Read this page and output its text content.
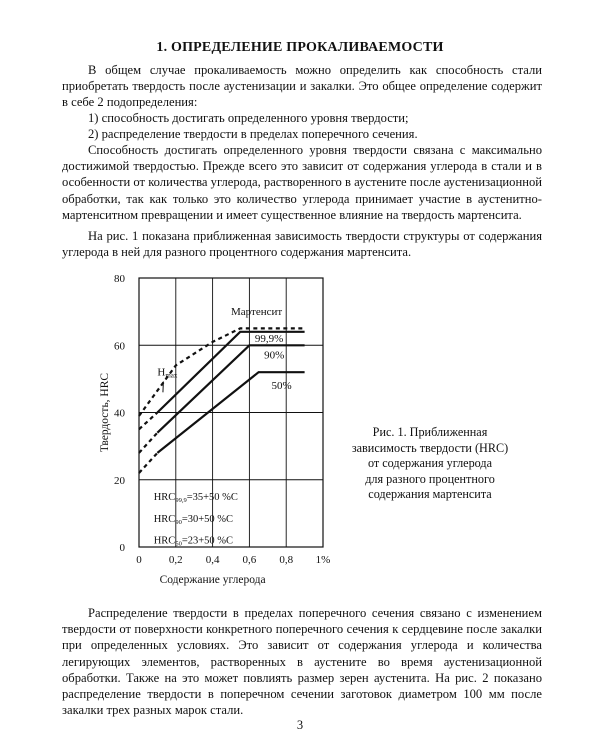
1. ОПРЕДЕЛЕНИЕ ПРОКАЛИВАЕМОСТИ

В общем случае прокаливаемость можно определить как способность стали приобретать твердость после аустенизации и закалки. Это общее определение содержит в себе 2 подопределения:

1) способность достигать определенного уровня твердости;
2) распределение твердости в пределах поперечного сечения.

Способность достигать определенного уровня твердости связана с максимально достижимой твердостью. Прежде всего это зависит от содержания углерода в стали и в особенности от количества углерода, растворенного в аустените после аустенизационной обработки, так как только это количество углерода принимает участие в аустенитно-мартенситном превращении и имеет существенное влияние на твердость мартенсита.

На рис. 1 показана приближенная зависимость твердости структуры от содержания углерода в ней для разного процентного содержания мартенсита.

0
20
40
60
80
0 0,2 0,4 0,6 0,8 1%
Мартенсит
99,9%
90%
50%
Hmax
HRC99,9=35+50 %C
HRC90=30+50 %C
HRC50=23+50 %C
Твердость, HRC
Содержание углерода
Рис. 1. Приближенная
зависимость твердости (HRC)
от содержания углерода
для разного процентного
содержания мартенсита

Распределение твердости в пределах поперечного сечения связано с изменением твердости от поверхности конкретного поперечного сечения к сердцевине после закалки при определенных условиях. Это зависит от содержания углерода и количества легирующих элементов, растворенных в аустените во время аустенизационной обработки. Также на это может повлиять размер зерен аустенита. На рис. 2 показано распределение твердости в поперечном сечении заготовок диаметром 100 мм после закалки трех разных марок стали.

3
